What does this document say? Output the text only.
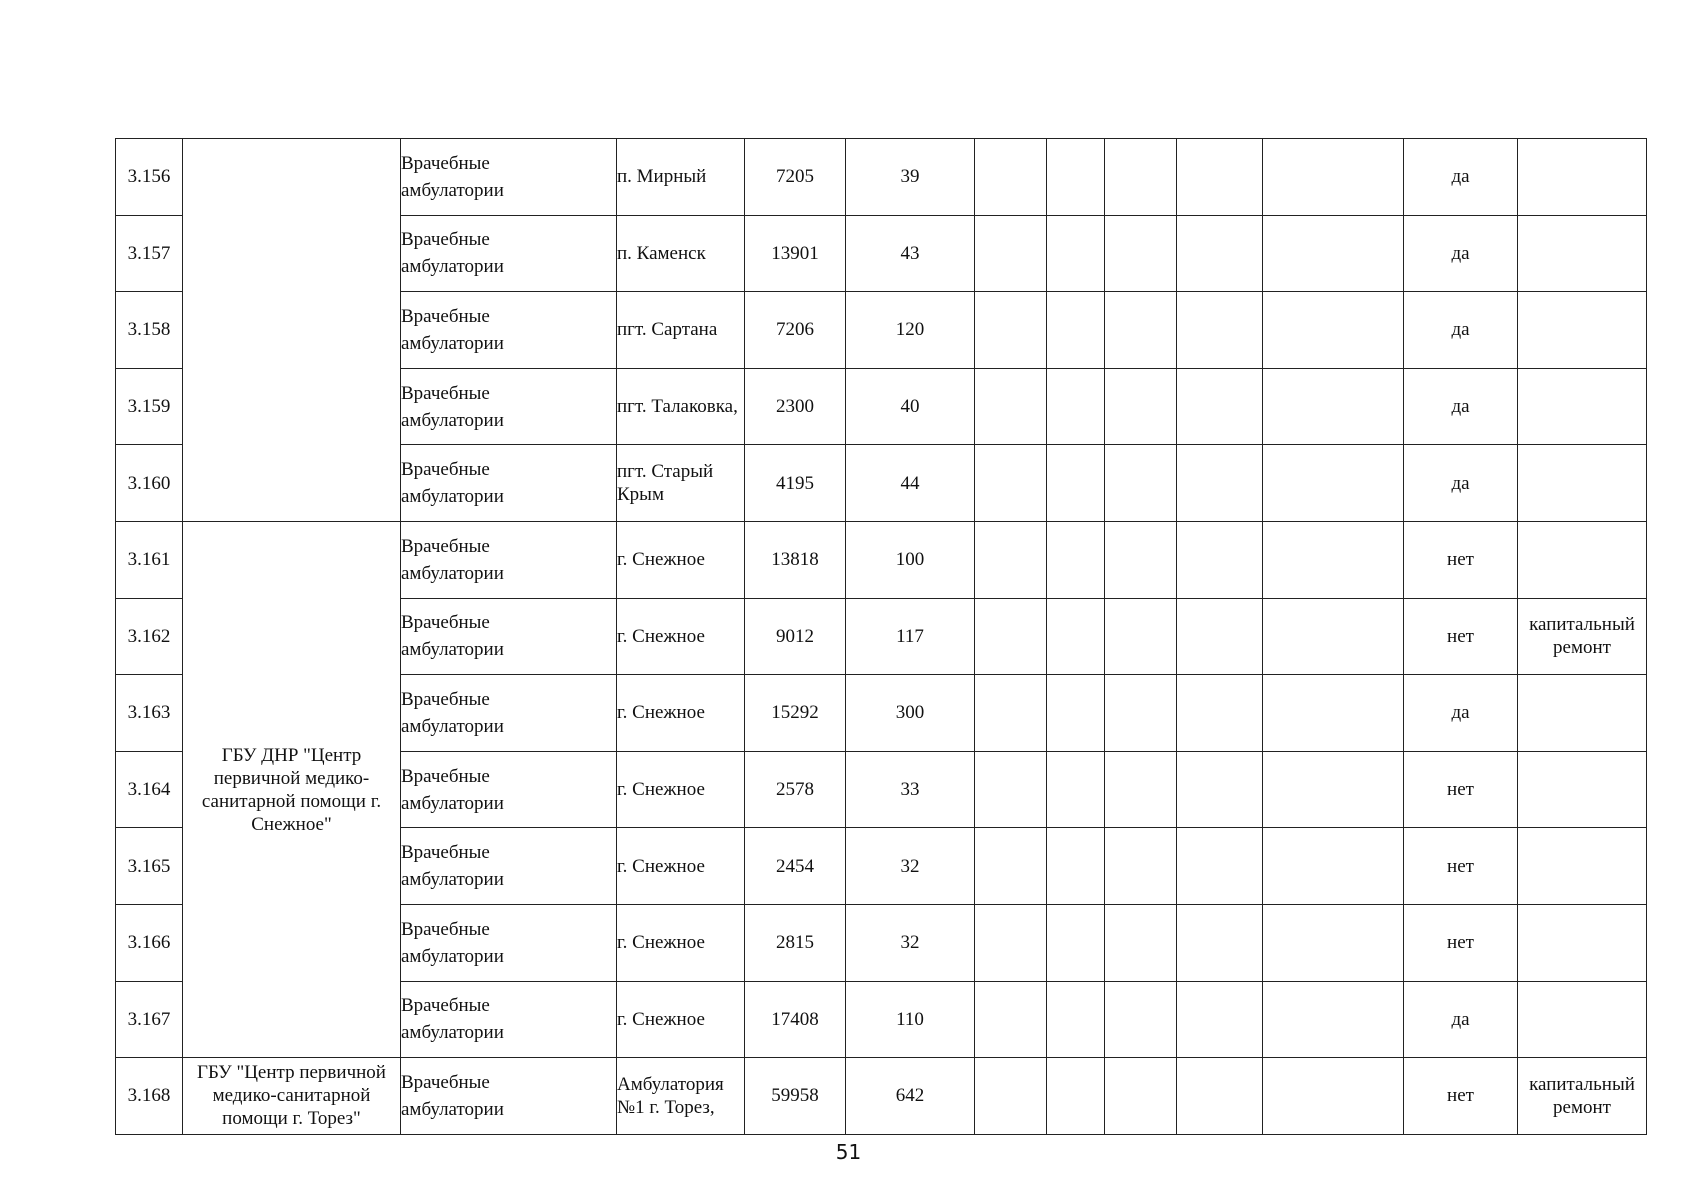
3.156		Врачебные
амбулатории	п. Мирный	7205	39						да	
3.157		Врачебные
амбулатории	п. Каменск	13901	43						да	
3.158		Врачебные
амбулатории	пгт. Сартана	7206	120						да	
3.159		Врачебные
амбулатории	пгт. Талаковка,	2300	40						да	
3.160		Врачебные
амбулатории	пгт. Старый Крым	4195	44						да	
3.161	ГБУ ДНР "Центр первичной медико-санитарной помощи г. Снежное"	Врачебные
амбулатории	г. Снежное	13818	100						нет	
3.162		Врачебные
амбулатории	г. Снежное	9012	117						нет	капитальный ремонт
3.163		Врачебные
амбулатории	г. Снежное	15292	300						да	
3.164		Врачебные
амбулатории	г. Снежное	2578	33						нет	
3.165		Врачебные
амбулатории	г. Снежное	2454	32						нет	
3.166		Врачебные
амбулатории	г. Снежное	2815	32						нет	
3.167		Врачебные
амбулатории	г. Снежное	17408	110						да	
3.168	ГБУ "Центр первичной медико-санитарной помощи г. Торез"	Врачебные
амбулатории	Амбулатория №1 г. Торез,	59958	642						нет	капитальный ремонт
51
